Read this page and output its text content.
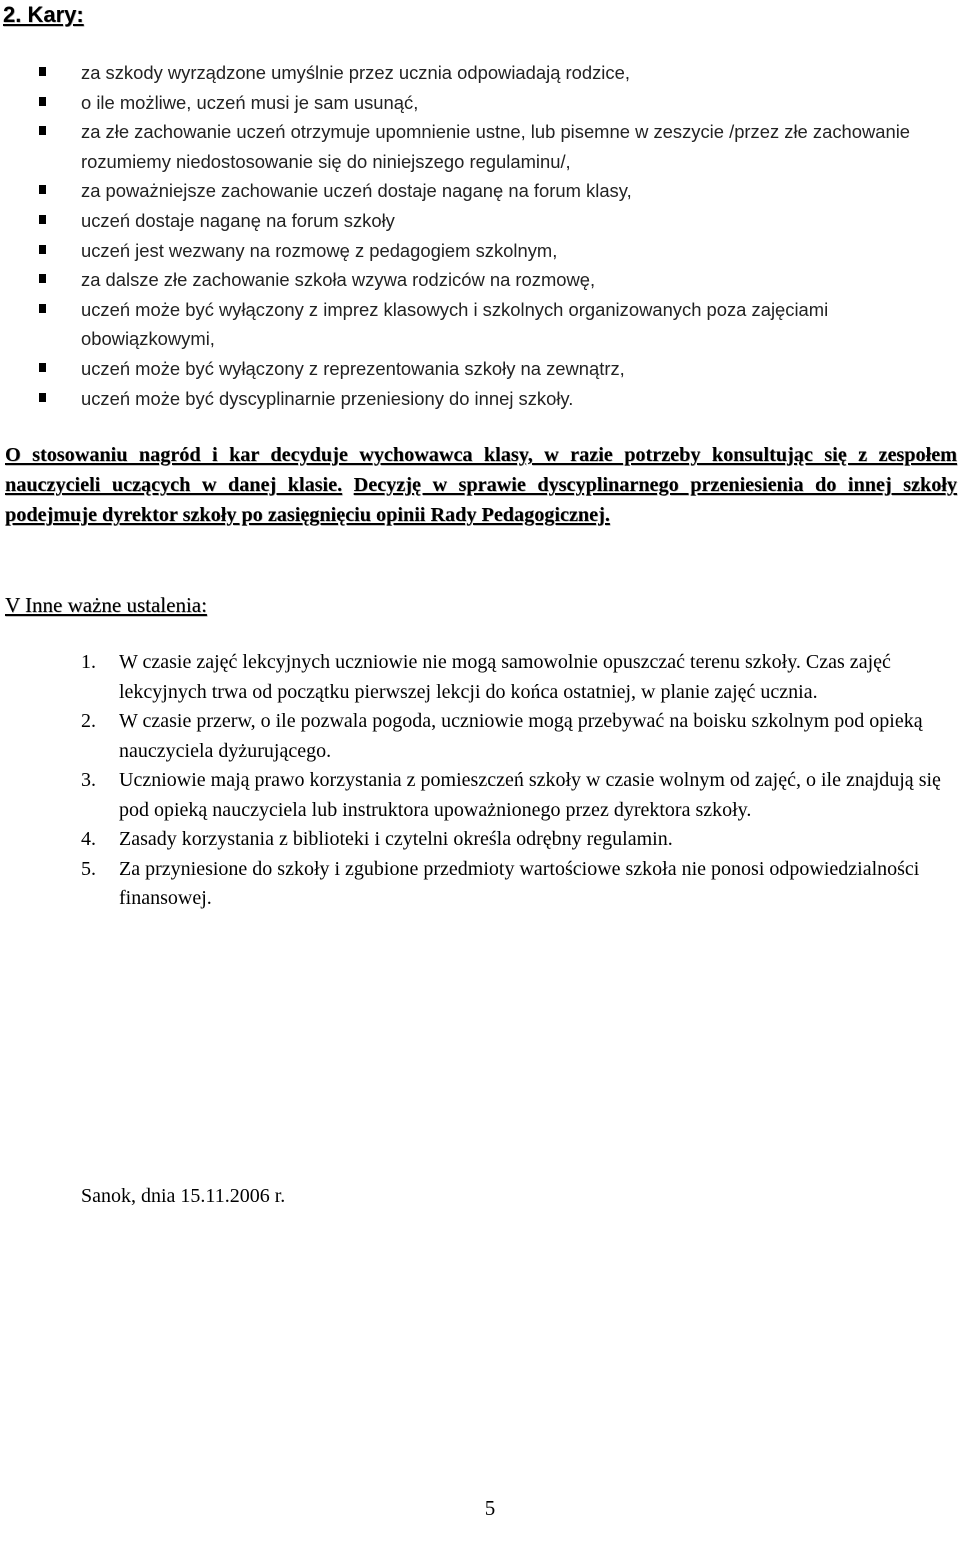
2. Kary:
za szkody wyrządzone umyślnie przez ucznia odpowiadają rodzice,
o ile możliwe, uczeń musi je sam usunąć,
za złe zachowanie uczeń otrzymuje upomnienie ustne, lub pisemne w zeszycie /przez złe zachowanie rozumiemy niedostosowanie się do niniejszego regulaminu/,
za poważniejsze zachowanie uczeń dostaje naganę na forum klasy,
uczeń dostaje naganę na forum szkoły
uczeń jest wezwany na rozmowę z pedagogiem szkolnym,
za dalsze złe zachowanie szkoła wzywa rodziców na rozmowę,
uczeń może być wyłączony z imprez klasowych i szkolnych organizowanych poza zajęciami obowiązkowymi,
uczeń może być wyłączony z reprezentowania szkoły na zewnątrz,
uczeń może być dyscyplinarnie przeniesiony do innej szkoły.

O stosowaniu nagród i kar decyduje wychowawca klasy, w razie potrzeby konsultując się z zespołem nauczycieli uczących w danej klasie. Decyzję w sprawie dyscyplinarnego przeniesienia do innej szkoły podejmuje dyrektor szkoły po zasięgnięciu opinii Rady Pedagogicznej.

V Inne ważne ustalenia:
1. W czasie zajęć lekcyjnych uczniowie nie mogą samowolnie opuszczać terenu szkoły. Czas zajęć lekcyjnych trwa od początku pierwszej lekcji do końca ostatniej, w planie zajęć ucznia.
2. W czasie przerw, o ile pozwala pogoda, uczniowie mogą przebywać na boisku szkolnym pod opieką nauczyciela dyżurującego.
3. Uczniowie mają prawo korzystania z pomieszczeń szkoły w czasie wolnym od zajęć, o ile znajdują się pod opieką nauczyciela lub instruktora upoważnionego przez dyrektora szkoły.
4. Zasady korzystania z biblioteki i czytelni określa odrębny regulamin.
5. Za przyniesione do szkoły i zgubione przedmioty wartościowe szkoła nie ponosi odpowiedzialności finansowej.

Sanok, dnia 15.11.2006 r.

5
